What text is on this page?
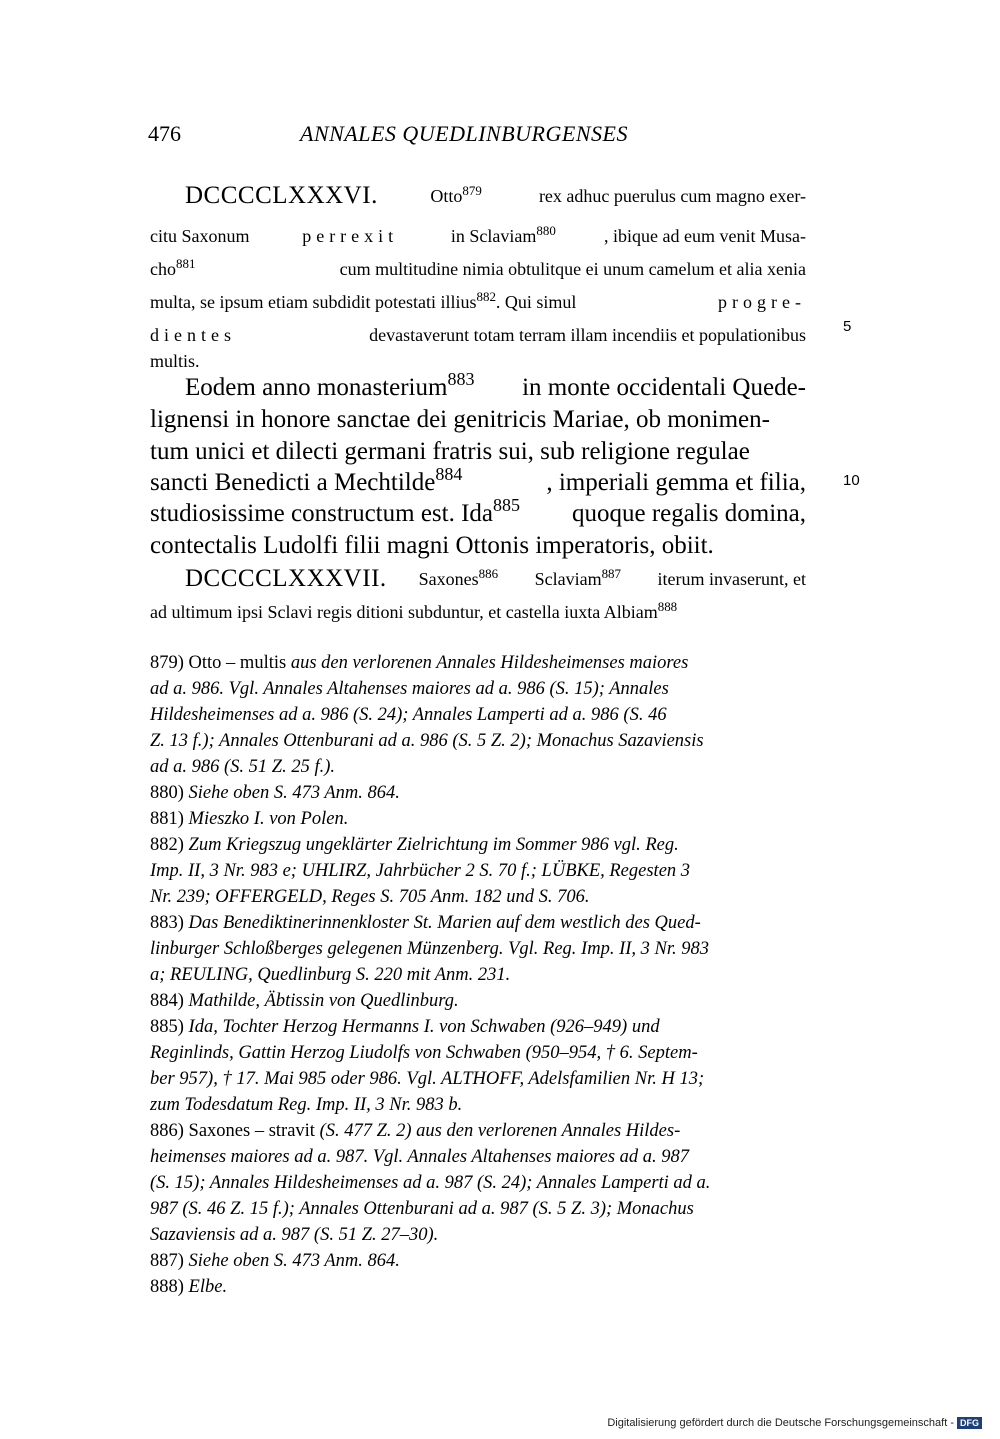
476	ANNALES QUEDLINBURGENSES
DCCCCLXXXVI.	Otto$^{879}$	rex adhuc puerulus cum magno exer-
citu Saxonum	perrexit	in Sclaviam$^{880}$	, ibique ad eum venit Musa-
cho$^{881}$	cum multitudine nimia obtulitque ei unum camelum et alia xenia
multa, se ipsum etiam subdidit potestati illius$^{882}$. Qui simul	progre-
dientes	devastaverunt totam terram illam incendiis et populationibus
multis.
5
Eodem anno monasterium$^{883}$ in monte occidentali Quede-
lignensi in honore sanctae dei genitricis Mariae, ob monimen-
tum unici et dilecti germani fratris sui, sub religione regulae
sancti Benedicti a Mechtilde$^{884}$	, imperiali gemma et filia,
studiosissime constructum est. Ida$^{885}$ quoque regalis domina,
contectalis Ludolfi filii magni Ottonis imperatoris, obiit.
10
DCCCCLXXXVII. Saxones$^{886}$ Sclaviam$^{887}$ iterum invaserunt, et
ad ultimum ipsi Sclavi regis ditioni subduntur, et castella iuxta Albiam$^{888}$
879) Otto – multis aus den verlorenen Annales Hildesheimenses maiores
ad a. 986. Vgl. Annales Altahenses maiores ad a. 986 (S. 15); Annales
Hildesheimenses ad a. 986 (S. 24); Annales Lamperti ad a. 986 (S. 46
Z. 13 f.); Annales Ottenburani ad a. 986 (S. 5 Z. 2); Monachus Sazaviensis
ad a. 986 (S. 51 Z. 25 f.).
880) Siehe oben S. 473 Anm. 864.
881) Mieszko I. von Polen.
882) Zum Kriegszug ungeklärter Zielrichtung im Sommer 986 vgl. Reg.
Imp. II, 3 Nr. 983 e; UHLIRZ, Jahrbücher 2 S. 70 f.; LÜBKE, Regesten 3
Nr. 239; OFFERGELD, Reges S. 705 Anm. 182 und S. 706.
883) Das Benediktinerinnenkloster St. Marien auf dem westlich des Qued-
linburger Schloßberges gelegenen Münzenberg. Vgl. Reg. Imp. II, 3 Nr. 983
a; REULING, Quedlinburg S. 220 mit Anm. 231.
884) Mathilde, Äbtissin von Quedlinburg.
885) Ida, Tochter Herzog Hermanns I. von Schwaben (926–949) und
Reginlinds, Gattin Herzog Liudolfs von Schwaben (950–954, † 6. Septem-
ber 957), † 17. Mai 985 oder 986. Vgl. ALTHOFF, Adelsfamilien Nr. H 13;
zum Todesdatum Reg. Imp. II, 3 Nr. 983 b.
886) Saxones – stravit (S. 477 Z. 2) aus den verlorenen Annales Hildes-
heimenses maiores ad a. 987. Vgl. Annales Altahenses maiores ad a. 987
(S. 15); Annales Hildesheimenses ad a. 987 (S. 24); Annales Lamperti ad a.
987 (S. 46 Z. 15 f.); Annales Ottenburani ad a. 987 (S. 5 Z. 3); Monachus
Sazaviensis ad a. 987 (S. 51 Z. 27–30).
887) Siehe oben S. 473 Anm. 864.
888) Elbe.
Digitalisierung gefördert durch die Deutsche Forschungsgemeinschaft - DFG
